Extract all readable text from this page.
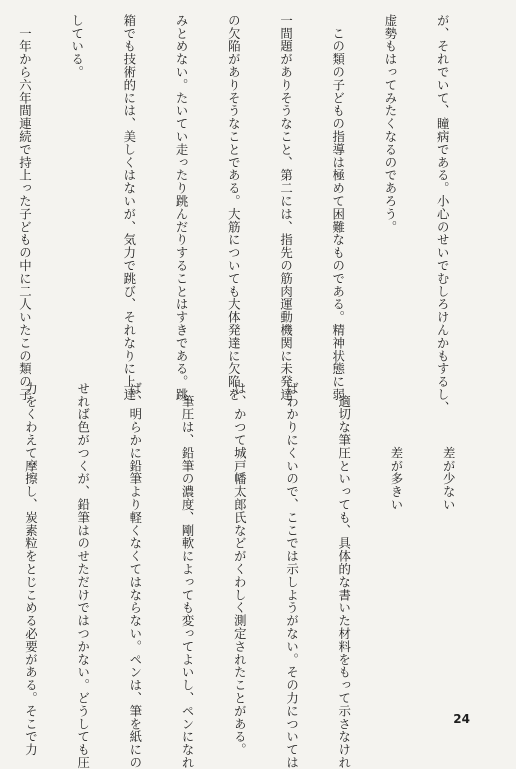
が、それでいて、瞳病である。小心のせいでむしろけんかもするし、

虚勢もはってみたくなるのであろう。

　この類の子どもの指導は極めて困難なものである。精神状態に弱

一間題がありそうなこと、第二には、指先の筋肉運動機関に未発達

の欠陥がありそうなことである。大筋についても大体発達に欠陥を

みとめない。たいてい走ったり跳んだりすることはすきである。跳

箱でも技術的には、美しくはないが、気力で跳び、それなりに上達

している。

　一年から六年間連続で持上った子どもの中に二人いたこの類の子

　　　　　差が少ない

　　　　　差が多きい

　適切な筆圧といっても、具体的な書いた材料をもって示さなけれ

ばわかりにくいので、ここでは示しようがない。その力については

は、かつて城戸幡太郎氏などがくわしく測定されたことがある。

　筆圧は、鉛筆の濃度、剛軟によっても変ってよいし、ペンになれ

ば、明らかに鉛筆より軽くなくてはならない。ペンは、筆を紙にの

せれば色がつくが、鉛筆はのせただけではつかない。どうしても圧

力をくわえて摩擦し、炭素粒をとじこめる必要がある。そこで力

	24
